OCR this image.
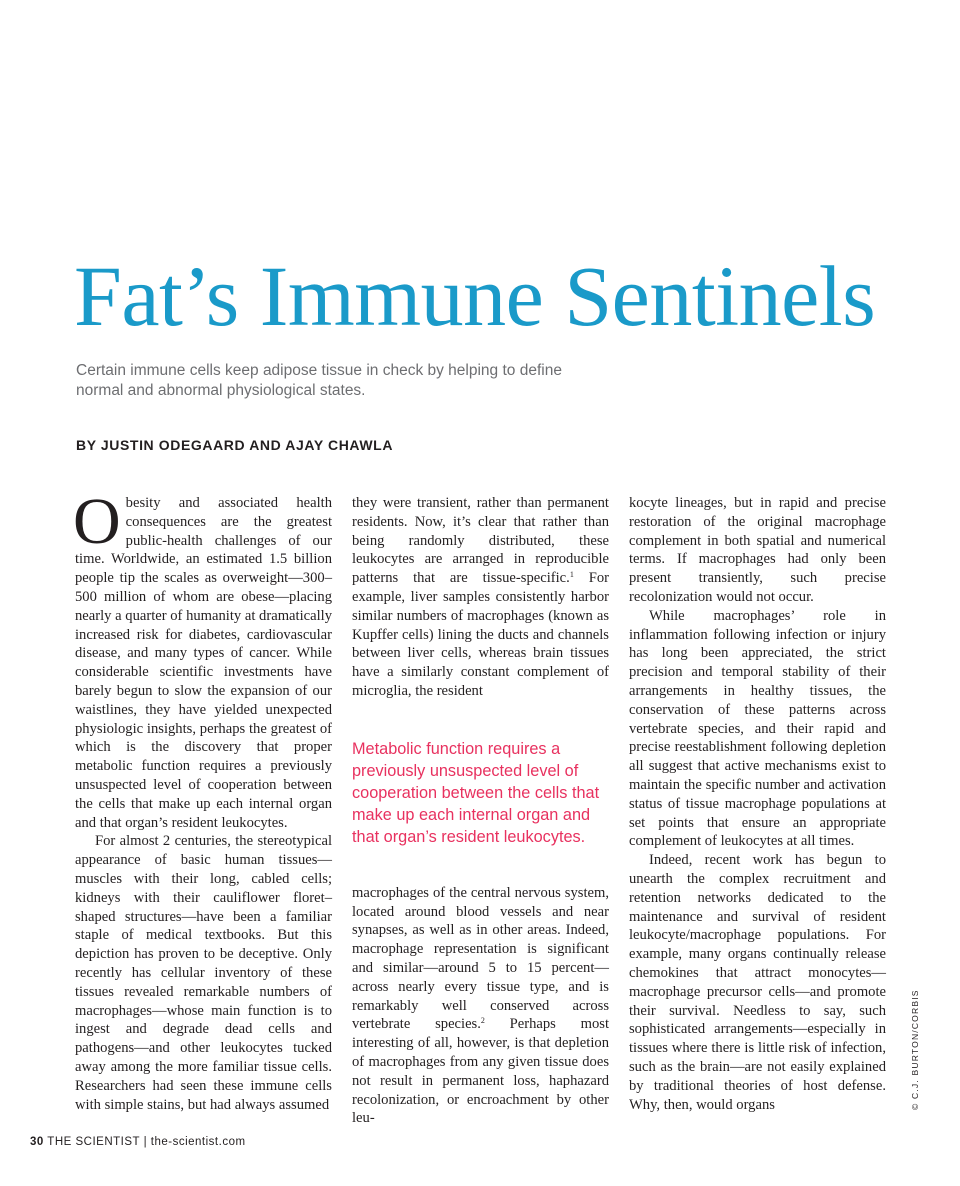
Fat’s Immune Sentinels
Certain immune cells keep adipose tissue in check by helping to define
normal and abnormal physiological states.
BY JUSTIN ODEGAARD AND AJAY CHAWLA

Obesity and associated health consequences are the greatest public-health challenges of our time. Worldwide, an estimated 1.5 billion people tip the scales as overweight—300–500 million of whom are obese—placing nearly a quarter of humanity at dramatically increased risk for diabetes, cardiovascular disease, and many types of cancer. While considerable scientific investments have barely begun to slow the expansion of our waistlines, they have yielded unexpected physiologic insights, perhaps the greatest of which is the discovery that proper metabolic function requires a previously unsuspected level of cooperation between the cells that make up each internal organ and that organ’s resident leukocytes.

For almost 2 centuries, the stereotypical appearance of basic human tissues—muscles with their long, cabled cells; kidneys with their cauliflower floret–shaped structures—have been a familiar staple of medical textbooks. But this depiction has proven to be deceptive. Only recently has cellular inventory of these tissues revealed remarkable numbers of macrophages—whose main function is to ingest and degrade dead cells and pathogens—and other leukocytes tucked away among the more familiar tissue cells. Researchers had seen these immune cells with simple stains, but had always assumed

they were transient, rather than permanent residents. Now, it’s clear that rather than being randomly distributed, these leukocytes are arranged in reproducible patterns that are tissue-specific.$^1$ For example, liver samples consistently harbor similar numbers of macrophages (known as Kupffer cells) lining the ducts and channels between liver cells, whereas brain tissues have a similarly constant complement of microglia, the resident

Metabolic function requires a previously unsuspected level of cooperation between the cells that make up each internal organ and that organ’s resident leukocytes.

macrophages of the central nervous system, located around blood vessels and near synapses, as well as in other areas. Indeed, macrophage representation is significant and similar—around 5 to 15 percent—across nearly every tissue type, and is remarkably well conserved across vertebrate species.$^2$ Perhaps most interesting of all, however, is that depletion of macrophages from any given tissue does not result in permanent loss, haphazard recolonization, or encroachment by other leu-

kocyte lineages, but in rapid and precise restoration of the original macrophage complement in both spatial and numerical terms. If macrophages had only been present transiently, such precise recolonization would not occur.

While macrophages’ role in inflammation following infection or injury has long been appreciated, the strict precision and temporal stability of their arrangements in healthy tissues, the conservation of these patterns across vertebrate species, and their rapid and precise reestablishment following depletion all suggest that active mechanisms exist to maintain the specific number and activation status of tissue macrophage populations at set points that ensure an appropriate complement of leukocytes at all times.

Indeed, recent work has begun to unearth the complex recruitment and retention networks dedicated to the maintenance and survival of resident leukocyte/macrophage populations. For example, many organs continually release chemokines that attract monocytes—macrophage precursor cells—and promote their survival. Needless to say, such sophisticated arrangements—especially in tissues where there is little risk of infection, such as the brain—are not easily explained by traditional theories of host defense. Why, then, would organs

30 THE SCIENTIST | the-scientist.com
© C.J. BURTON/CORBIS
